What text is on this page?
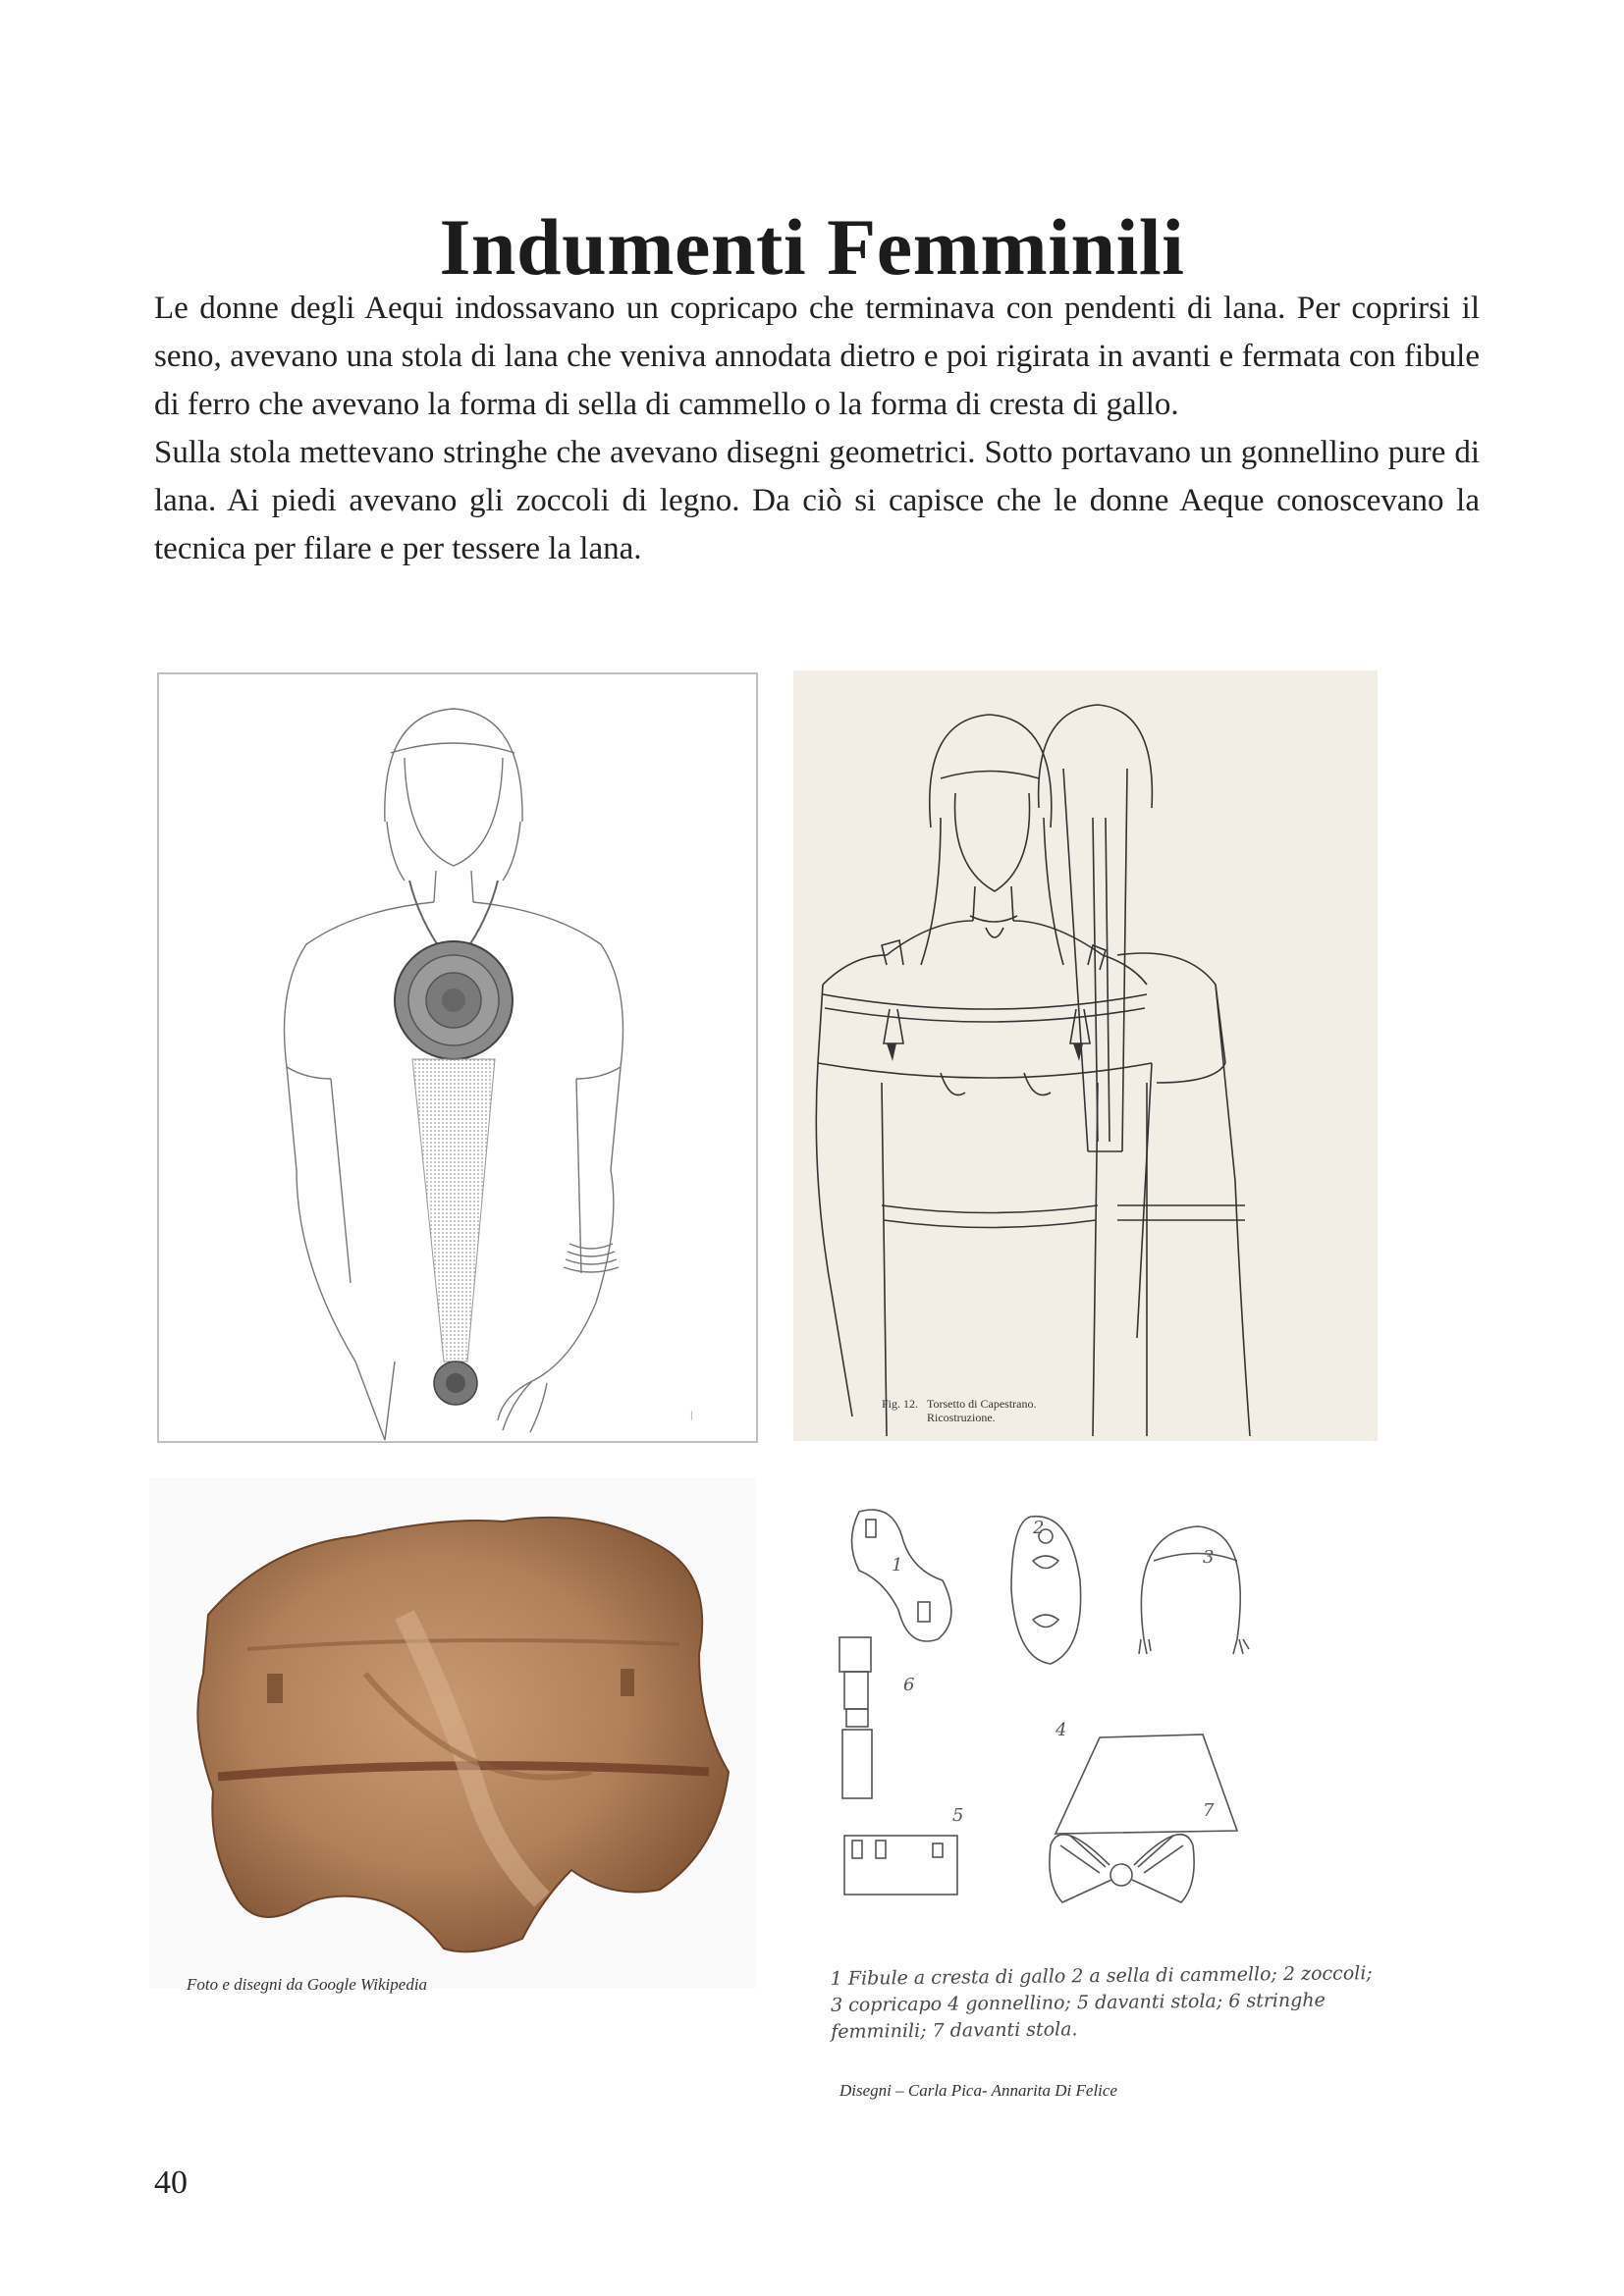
Indumenti Femminili

Le donne degli Aequi indossavano un copricapo che terminava con pendenti di lana. Per coprirsi il seno, avevano una stola di lana che veniva annodata dietro e poi rigirata in avanti e fermata con fibule di ferro che avevano la forma di sella di cammello o la forma di cresta di gallo.

Sulla stola mettevano stringhe che avevano disegni geometrici. Sotto portavano un gonnellino pure di lana. Ai piedi avevano gli zoccoli di legno. Da ciò si capisce che le donne Aeque conoscevano la tecnica per filare e per tessere la lana.

—
Fig. 12. Torsetto di Capestrano.
Ricostruzione.
Foto e disegni da Google Wikipedia
1
2
3
4
5
6
7
1 Fibule a cresta di gallo 2 a sella di cammello; 2 zoccoli; 3 copricapo 4 gonnellino; 5 davanti stola; 6 stringhe femminili; 7 davanti stola.
Disegni – Carla Pica- Annarita Di Felice
40
